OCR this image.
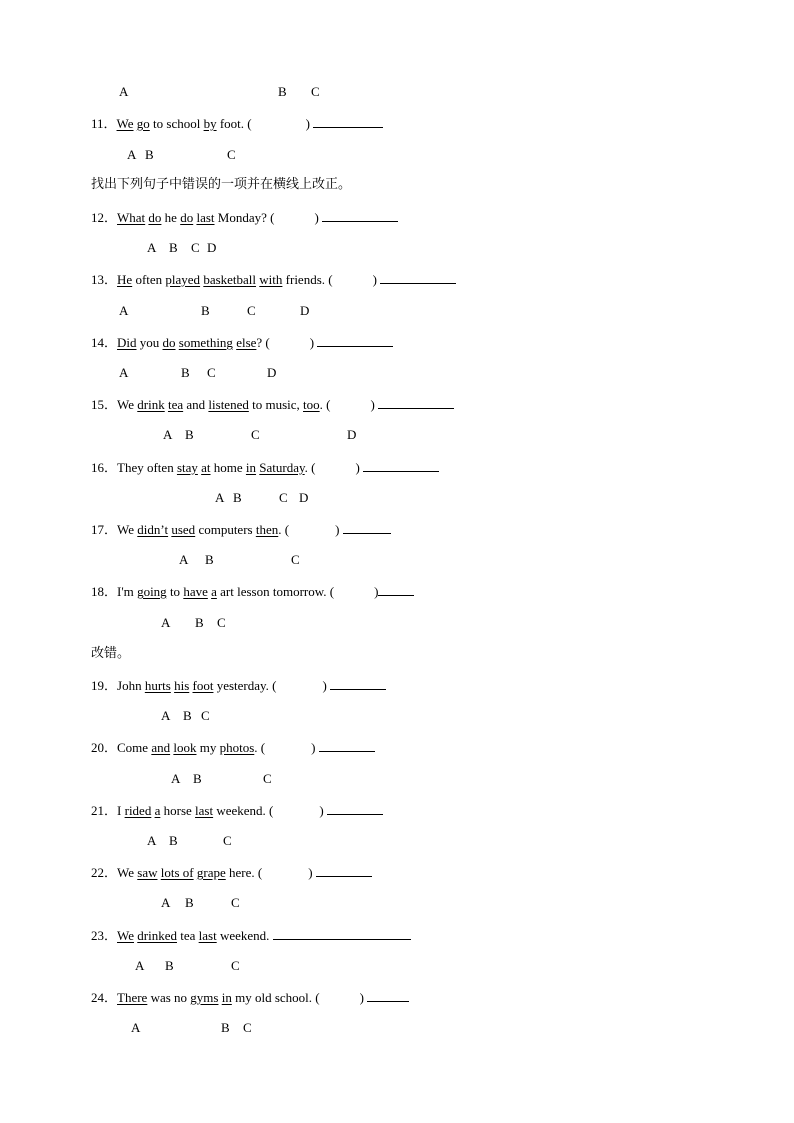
A	B C
11．We go to school by foot. (	)
A B	C
找出下列句子中错误的一项并在横线上改正。
12．What do he do last Monday? (	)
A B C D
13．He often played basketball with friends. (	)
A	B	C	D
14．Did you do something else? (	)
A	B C	D
15．We drink tea and listened to music, too. (	)
A B	C	D
16．They often stay at home in Saturday. (	)
A B	C D
17．We didn’t used computers then. (	)
A B	C
18．I'm going to have a art lesson tomorrow. (	)
A B C
改错。
19．John hurts his foot yesterday. (	)
A B C
20．Come and look my photos. (	)
A B	C
21．I rided a horse last weekend. (	)
A B	C
22．We saw lots of grape here. (	)
A B	C
23．We drinked tea last weekend.
A B	C
24．There was no gyms in my old school. (	)
A	B C
